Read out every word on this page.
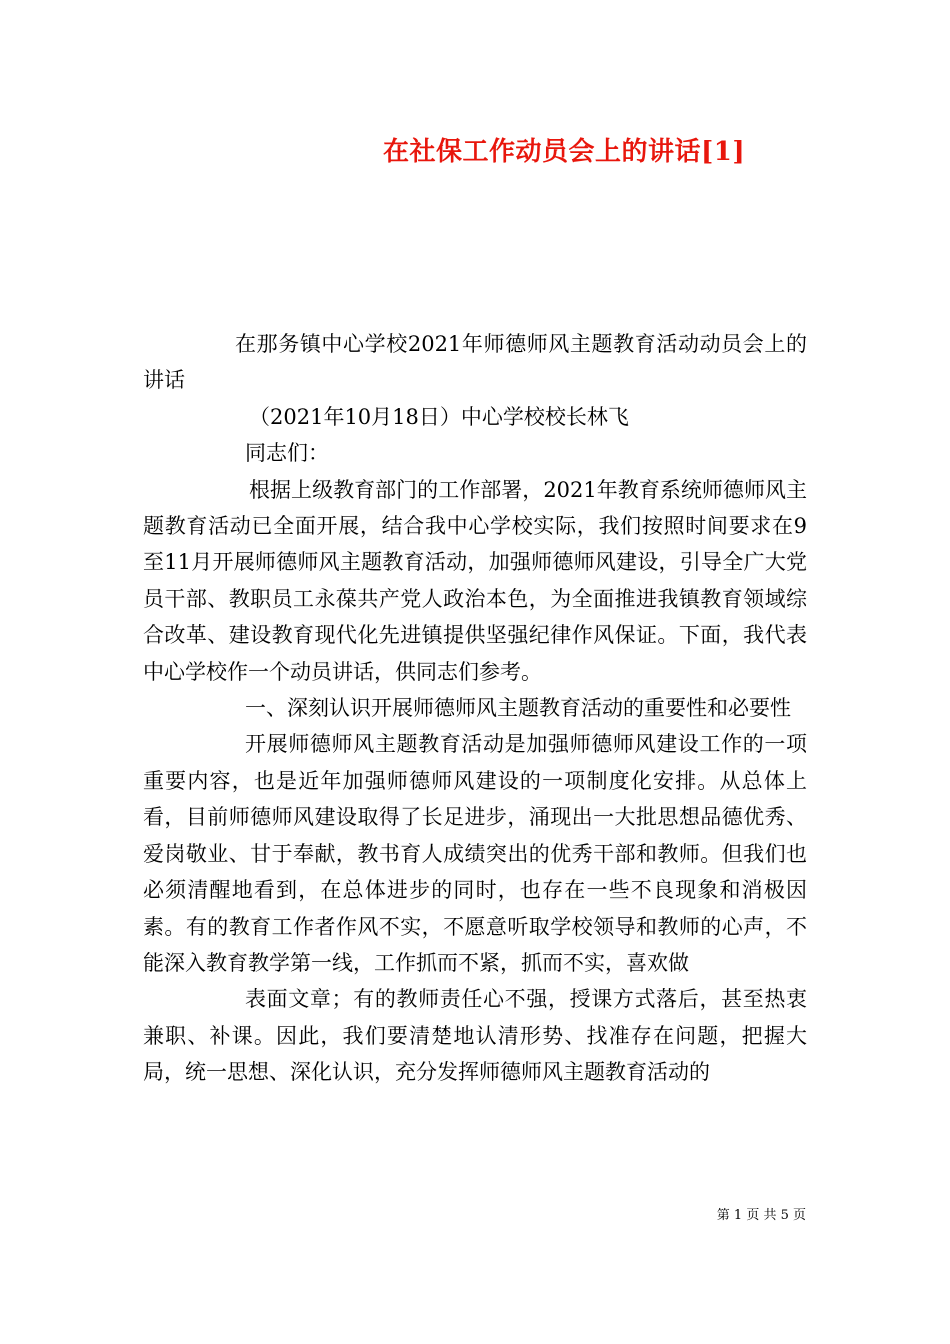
在社保工作动员会上的讲话[1]

在那务镇中心学校2021年师德师风主题教育活动动员会上的讲话

（2021年10月18日）中心学校校长林飞

同志们：

根据上级教育部门的工作部署，2021年教育系统师德师风主题教育活动已全面开展，结合我中心学校实际，我们按照时间要求在9至11月开展师德师风主题教育活动，加强师德师风建设，引导全广大党员干部、教职员工永葆共产党人政治本色，为全面推进我镇教育领域综合改革、建设教育现代化先进镇提供坚强纪律作风保证。下面，我代表中心学校作一个动员讲话，供同志们参考。

一、深刻认识开展师德师风主题教育活动的重要性和必要性

开展师德师风主题教育活动是加强师德师风建设工作的一项重要内容，也是近年加强师德师风建设的一项制度化安排。从总体上看，目前师德师风建设取得了长足进步，涌现出一大批思想品德优秀、爱岗敬业、甘于奉献，教书育人成绩突出的优秀干部和教师。但我们也必须清醒地看到，在总体进步的同时，也存在一些不良现象和消极因素。有的教育工作者作风不实，不愿意听取学校领导和教师的心声，不能深入教育教学第一线，工作抓而不紧，抓而不实，喜欢做

表面文章；有的教师责任心不强，授课方式落后，甚至热衷兼职、补课。因此，我们要清楚地认清形势、找准存在问题，把握大局，统一思想、深化认识，充分发挥师德师风主题教育活动的

第 1 页 共 5 页
